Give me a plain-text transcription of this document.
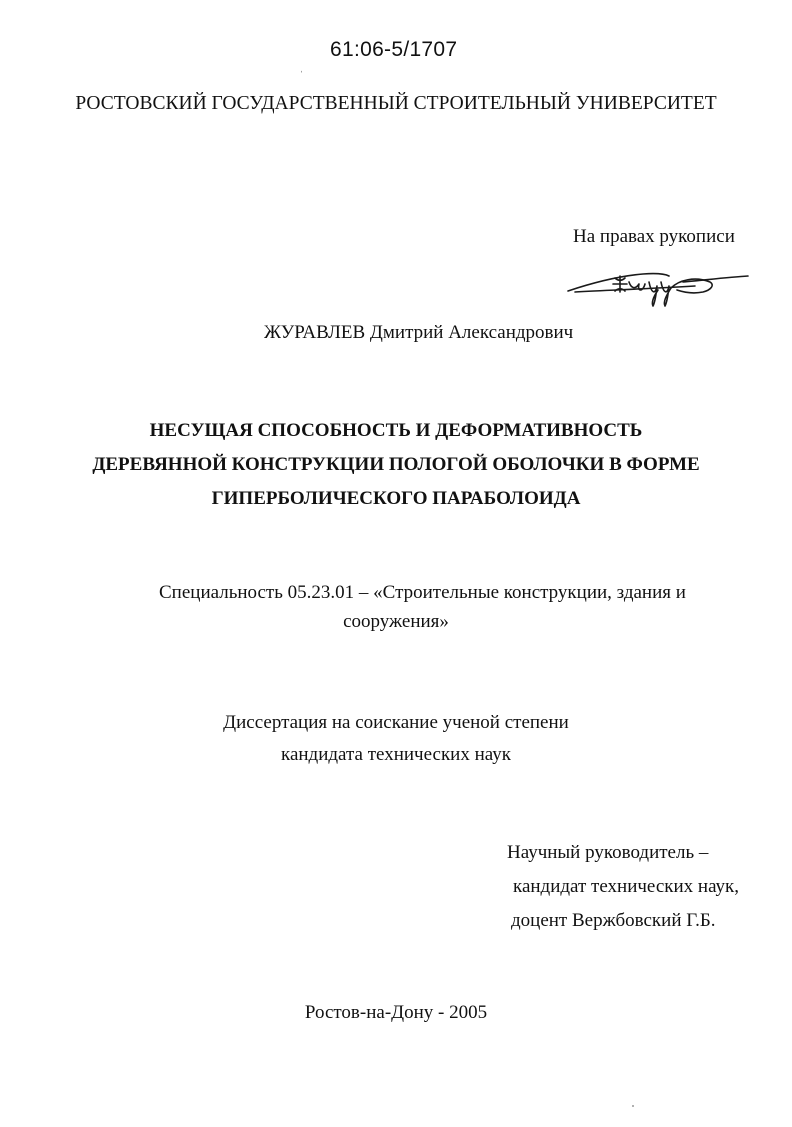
61:06-5/1707
ˈ
РОСТОВСКИЙ ГОСУДАРСТВЕННЫЙ СТРОИТЕЛЬНЫЙ УНИВЕРСИТЕТ
На правах рукописи
ЖУРАВЛЕВ Дмитрий Александрович
НЕСУЩАЯ СПОСОБНОСТЬ И ДЕФОРМАТИВНОСТЬ
ДЕРЕВЯННОЙ КОНСТРУКЦИИ ПОЛОГОЙ ОБОЛОЧКИ В ФОРМЕ
ГИПЕРБОЛИЧЕСКОГО ПАРАБОЛОИДА
Специальность 05.23.01 – «Строительные конструкции, здания и
сооружения»
Диссертация на соискание ученой степени
кандидата технических наук
Научный руководитель –
кандидат технических наук,
доцент Вержбовский Г.Б.
Ростов-на-Дону - 2005
